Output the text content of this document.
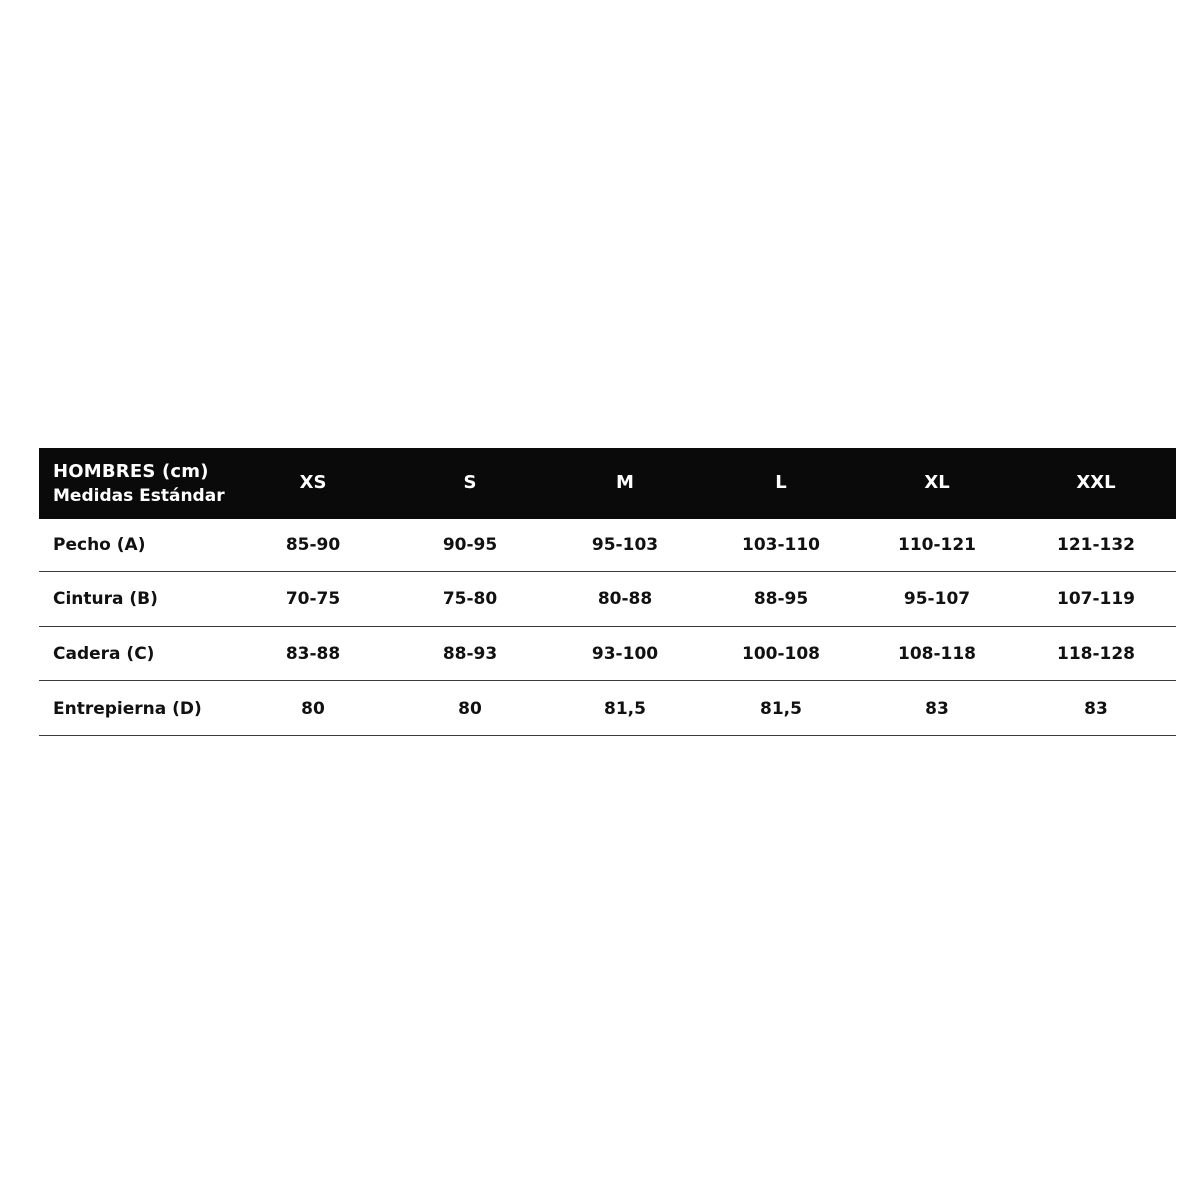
HOMBRES (cm)
Medidas Estándar
XS	S	M	L	XL	XXL
Pecho (A)	85-90	90-95	95-103	103-110	110-121	121-132
Cintura (B)	70-75	75-80	80-88	88-95	95-107	107-119
Cadera (C)	83-88	88-93	93-100	100-108	108-118	118-128
Entrepierna (D)	80	80	81,5	81,5	83	83
